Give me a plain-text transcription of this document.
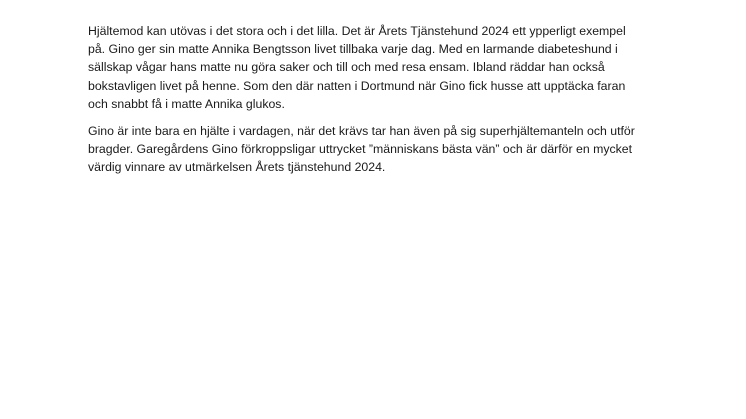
Hjältemod kan utövas i det stora och i det lilla. Det är Årets Tjänstehund 2024 ett ypperligt exempel
på. Gino ger sin matte Annika Bengtsson livet tillbaka varje dag. Med en larmande diabeteshund i
sällskap vågar hans matte nu göra saker och till och med resa ensam. Ibland räddar han också
bokstavligen livet på henne. Som den där natten i Dortmund när Gino fick husse att upptäcka faran
och snabbt få i matte Annika glukos.

Gino är inte bara en hjälte i vardagen, när det krävs tar han även på sig superhjältemanteln och utför
bragder. Garegårdens Gino förkroppsligar uttrycket ”människans bästa vän” och är därför en mycket
värdig vinnare av utmärkelsen Årets tjänstehund 2024.
